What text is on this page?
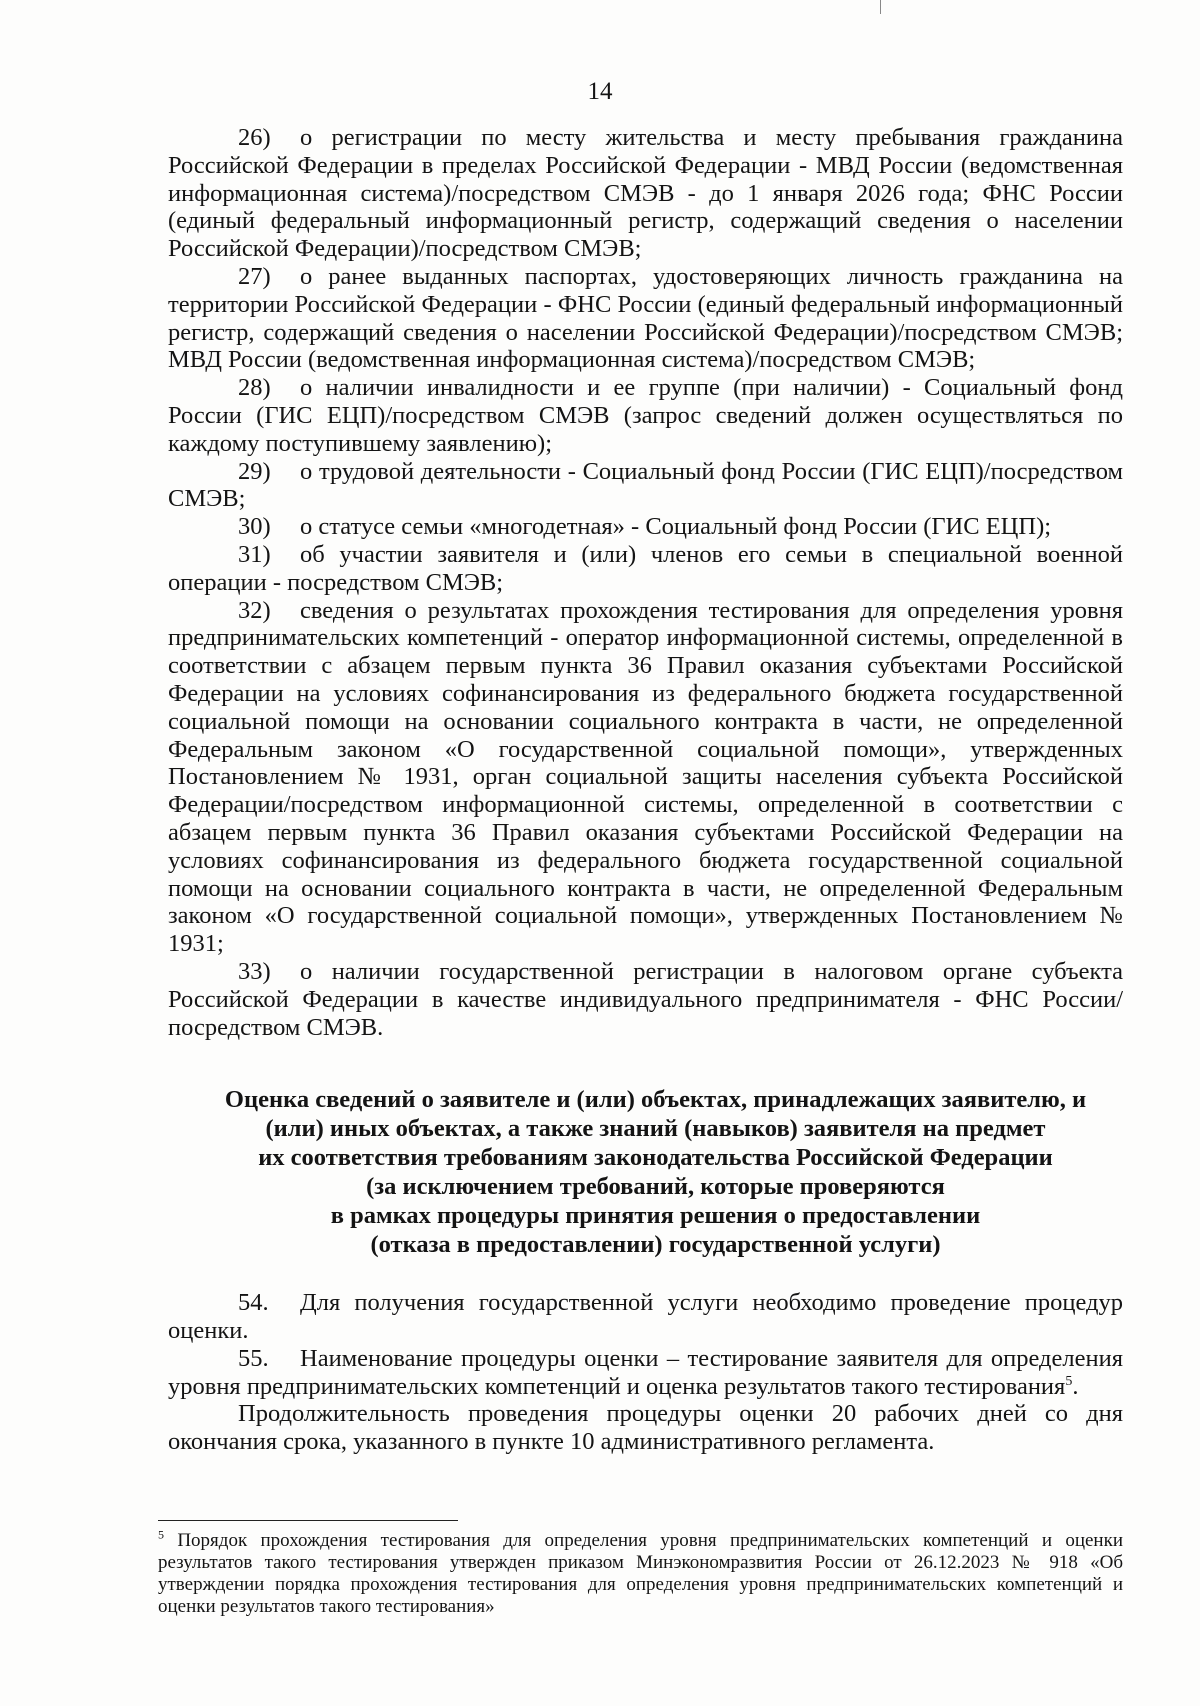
14

26) о регистрации по месту жительства и месту пребывания гражданина Российской Федерации в пределах Российской Федерации - МВД России (ведомственная информационная система)/посредством СМЭВ - до 1 января 2026 года; ФНС России (единый федеральный информационный регистр, содержащий сведения о населении Российской Федерации)/посредством СМЭВ;

27) о ранее выданных паспортах, удостоверяющих личность гражданина на территории Российской Федерации - ФНС России (единый федеральный информационный регистр, содержащий сведения о населении Российской Федерации)/посредством СМЭВ; МВД России (ведомственная информационная система)/посредством СМЭВ;

28) о наличии инвалидности и ее группе (при наличии) - Социальный фонд России (ГИС ЕЦП)/посредством СМЭВ (запрос сведений должен осуществляться по каждому поступившему заявлению);

29) о трудовой деятельности - Социальный фонд России (ГИС ЕЦП)/посредством СМЭВ;

30) о статусе семьи «многодетная» - Социальный фонд России (ГИС ЕЦП);

31) об участии заявителя и (или) членов его семьи в специальной военной операции - посредством СМЭВ;

32) сведения о результатах прохождения тестирования для определения уровня предпринимательских компетенций - оператор информационной системы, определенной в соответствии с абзацем первым пункта 36 Правил оказания субъектами Российской Федерации на условиях софинансирования из федерального бюджета государственной социальной помощи на основании социального контракта в части, не определенной Федеральным законом «О государственной социальной помощи», утвержденных Постановлением № 1931, орган социальной защиты населения субъекта Российской Федерации/посредством информационной системы, определенной в соответствии с абзацем первым пункта 36 Правил оказания субъектами Российской Федерации на условиях софинансирования из федерального бюджета государственной социальной помощи на основании социального контракта в части, не определенной Федеральным законом «О государственной социальной помощи», утвержденных Постановлением № 1931;

33) о наличии государственной регистрации в налоговом органе субъекта Российской Федерации в качестве индивидуального предпринимателя - ФНС России/посредством СМЭВ.

Оценка сведений о заявителе и (или) объектах, принадлежащих заявителю, и
(или) иных объектах, а также знаний (навыков) заявителя на предмет
их соответствия требованиям законодательства Российской Федерации
(за исключением требований, которые проверяются
в рамках процедуры принятия решения о предоставлении
(отказа в предоставлении) государственной услуги)

54. Для получения государственной услуги необходимо проведение процедур оценки.

55. Наименование процедуры оценки – тестирование заявителя для определения уровня предпринимательских компетенций и оценка результатов такого тестирования$^5$.

Продолжительность проведения процедуры оценки 20 рабочих дней со дня окончания срока, указанного в пункте 10 административного регламента.

$^5$ Порядок прохождения тестирования для определения уровня предпринимательских компетенций и оценки результатов такого тестирования утвержден приказом Минэкономразвития России от 26.12.2023 № 918 «Об утверждении порядка прохождения тестирования для определения уровня предпринимательских компетенций и оценки результатов такого тестирования»
